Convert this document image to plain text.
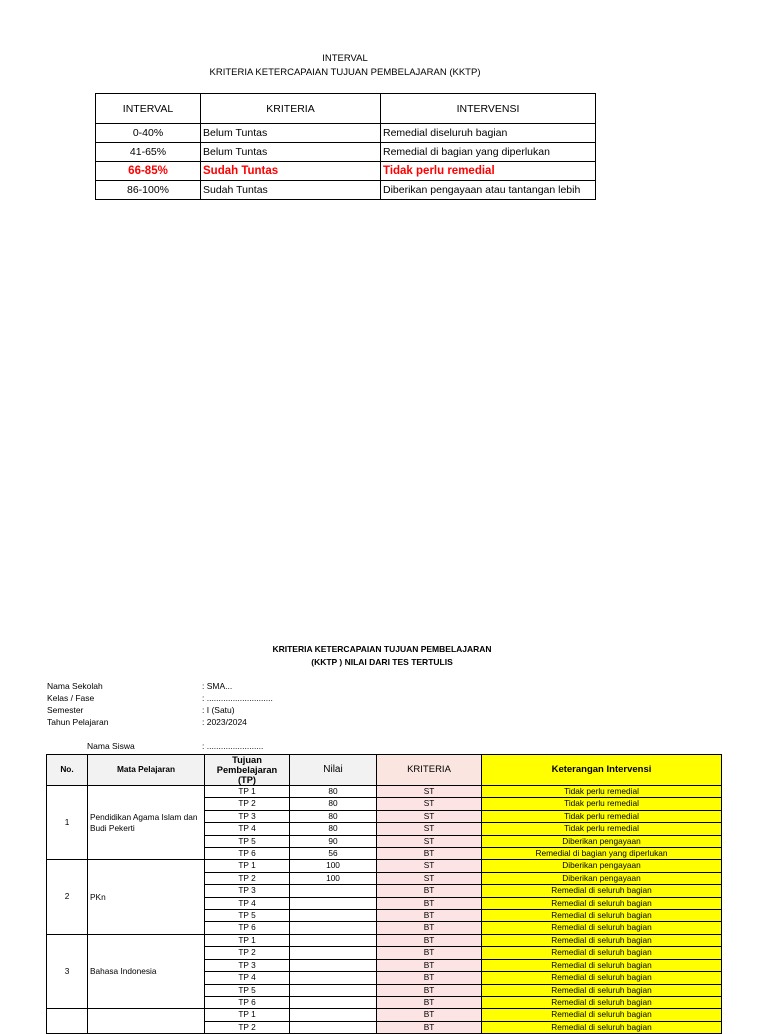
INTERVAL
KRITERIA KETERCAPAIAN TUJUAN PEMBELAJARAN (KKTP)
INTERVAL	KRITERIA	INTERVENSI
0-40%	Belum Tuntas	Remedial diseluruh bagian
41-65%	Belum Tuntas	Remedial di bagian yang diperlukan
66-85%	Sudah Tuntas	Tidak perlu remedial
86-100%	Sudah Tuntas	Diberikan pengayaan atau tantangan lebih
KRITERIA KETERCAPAIAN TUJUAN PEMBELAJARAN
(KKTP ) NILAI DARI TES TERTULIS
Nama Sekolah	: SMA...
Kelas / Fase	: ............................
Semester	: I (Satu)
Tahun Pelajaran	: 2023/2024
Nama Siswa	: ........................
No.	Mata Pelajaran	Tujuan Pembelajaran (TP)	Nilai	KRITERIA	Keterangan Intervensi
1	Pendidikan Agama Islam dan Budi Pekerti	TP 1	80	ST	Tidak perlu remedial
		TP 2	80	ST	Tidak perlu remedial
		TP 3	80	ST	Tidak perlu remedial
		TP 4	80	ST	Tidak perlu remedial
		TP 5	90	ST	Diberikan pengayaan
		TP 6	56	BT	Remedial di bagian yang diperlukan
2	PKn	TP 1	100	ST	Diberikan pengayaan
		TP 2	100	ST	Diberikan pengayaan
		TP 3		BT	Remedial di seluruh bagian
		TP 4		BT	Remedial di seluruh bagian
		TP 5		BT	Remedial di seluruh bagian
		TP 6		BT	Remedial di seluruh bagian
3	Bahasa Indonesia	TP 1		BT	Remedial di seluruh bagian
		TP 2		BT	Remedial di seluruh bagian
		TP 3		BT	Remedial di seluruh bagian
		TP 4		BT	Remedial di seluruh bagian
		TP 5		BT	Remedial di seluruh bagian
		TP 6		BT	Remedial di seluruh bagian
		TP 1		BT	Remedial di seluruh bagian
		TP 2		BT	Remedial di seluruh bagian
